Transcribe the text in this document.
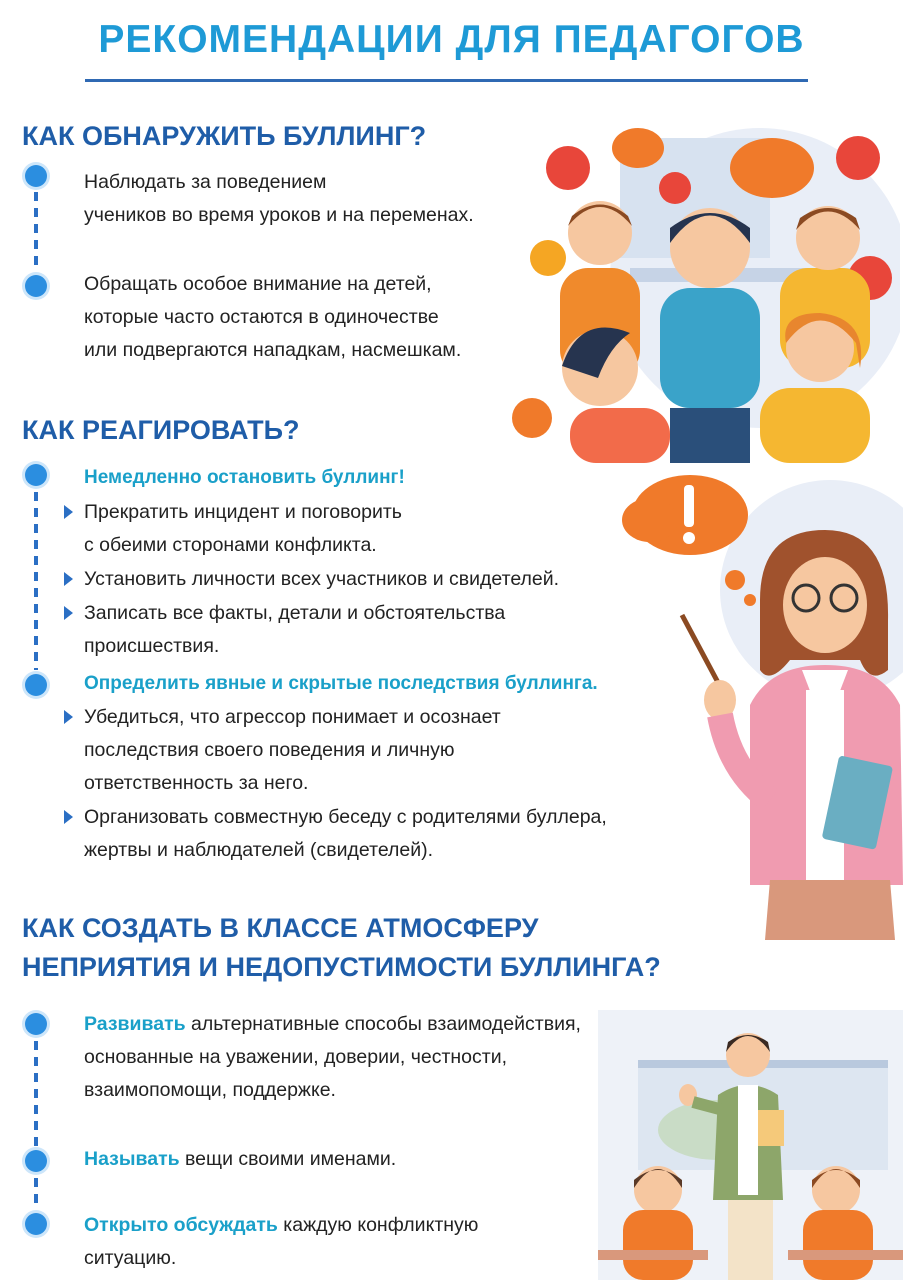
РЕКОМЕНДАЦИИ ДЛЯ ПЕДАГОГОВ
КАК ОБНАРУЖИТЬ БУЛЛИНГ?
Наблюдать за поведением
учеников во время уроков и на переменах.
Обращать особое внимание на детей,
которые часто остаются в одиночестве
или подвергаются нападкам, насмешкам.
КАК РЕАГИРОВАТЬ?
Немедленно остановить буллинг!
Прекратить инцидент и поговорить
с обеими сторонами конфликта.
Установить личности всех участников и свидетелей.
Записать все факты, детали и обстоятельства
происшествия.
Определить явные и скрытые последствия буллинга.
Убедиться, что агрессор понимает и осознает
последствия своего поведения и личную
ответственность за него.
Организовать совместную беседу с родителями буллера,
жертвы и наблюдателей (свидетелей).
КАК СОЗДАТЬ В КЛАССЕ АТМОСФЕРУ
НЕПРИЯТИЯ И НЕДОПУСТИМОСТИ БУЛЛИНГА?
Развивать альтернативные способы взаимодействия,
основанные на уважении, доверии, честности,
взаимопомощи, поддержке.
Называть вещи своими именами.
Открыто обсуждать каждую конфликтную
ситуацию.
